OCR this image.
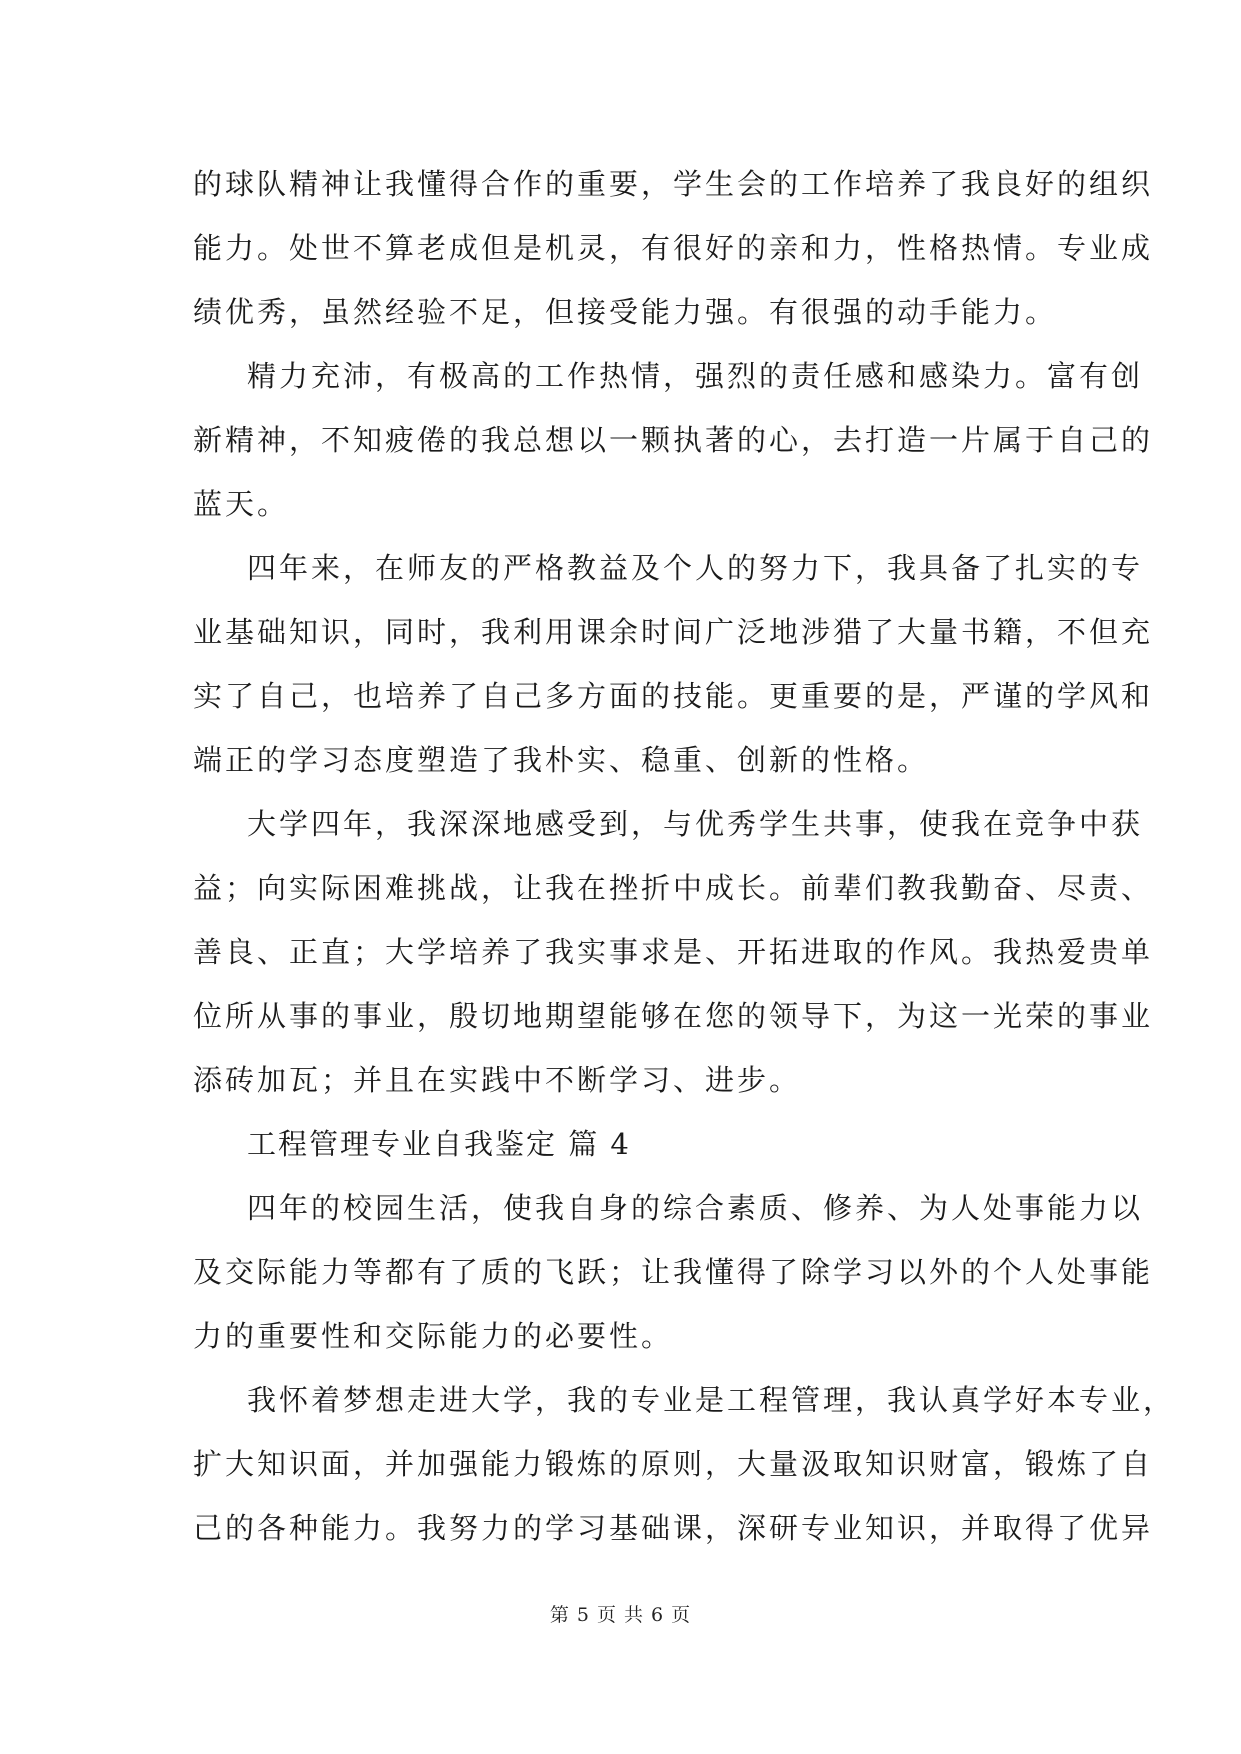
的球队精神让我懂得合作的重要，学生会的工作培养了我良好的组织
能力。处世不算老成但是机灵，有很好的亲和力，性格热情。专业成
绩优秀，虽然经验不足，但接受能力强。有很强的动手能力。
精力充沛，有极高的工作热情，强烈的责任感和感染力。富有创
新精神，不知疲倦的我总想以一颗执著的心，去打造一片属于自己的
蓝天。
四年来，在师友的严格教益及个人的努力下，我具备了扎实的专
业基础知识，同时，我利用课余时间广泛地涉猎了大量书籍，不但充
实了自己，也培养了自己多方面的技能。更重要的是，严谨的学风和
端正的学习态度塑造了我朴实、稳重、创新的性格。
大学四年，我深深地感受到，与优秀学生共事，使我在竞争中获
益；向实际困难挑战，让我在挫折中成长。前辈们教我勤奋、尽责、
善良、正直；大学培养了我实事求是、开拓进取的作风。我热爱贵单
位所从事的事业，殷切地期望能够在您的领导下，为这一光荣的事业
添砖加瓦；并且在实践中不断学习、进步。
工程管理专业自我鉴定 篇 4
四年的校园生活，使我自身的综合素质、修养、为人处事能力以
及交际能力等都有了质的飞跃；让我懂得了除学习以外的个人处事能
力的重要性和交际能力的必要性。
我怀着梦想走进大学，我的专业是工程管理，我认真学好本专业，
扩大知识面，并加强能力锻炼的原则，大量汲取知识财富，锻炼了自
己的各种能力。我努力的学习基础课，深研专业知识，并取得了优异
第 5 页 共 6 页
